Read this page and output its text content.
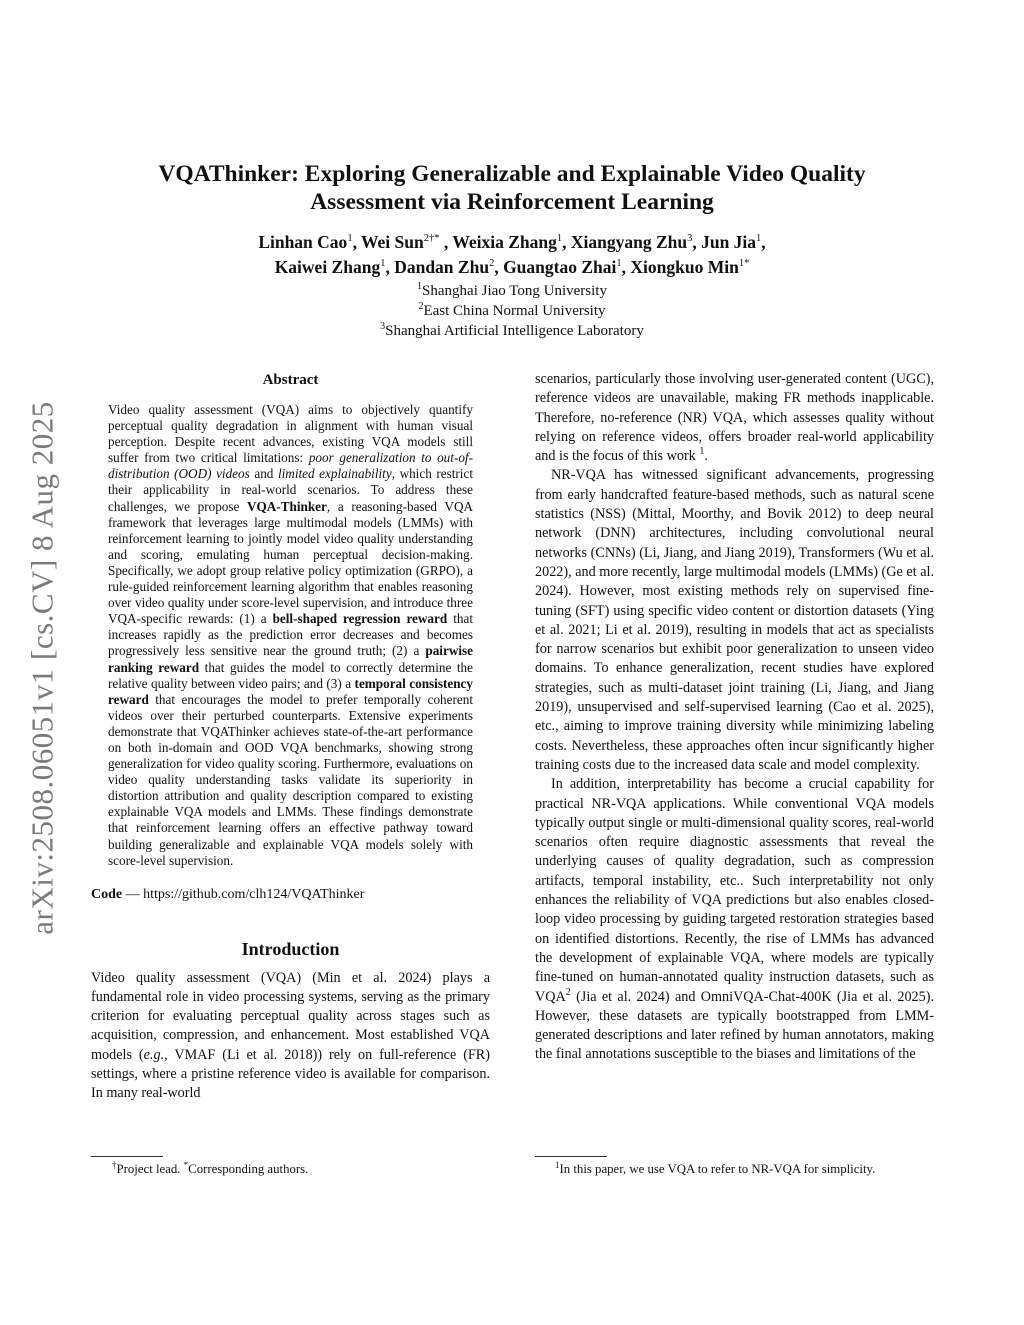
arXiv:2508.06051v1 [cs.CV] 8 Aug 2025
VQAThinker: Exploring Generalizable and Explainable Video Quality
Assessment via Reinforcement Learning
Linhan Cao$^1$, Wei Sun$^{2\dagger*}$ , Weixia Zhang$^1$, Xiangyang Zhu$^3$, Jun Jia$^1$,
Kaiwei Zhang$^1$, Dandan Zhu$^2$, Guangtao Zhai$^1$, Xiongkuo Min$^{1*}$
$^1$Shanghai Jiao Tong University
$^2$East China Normal University
$^3$Shanghai Artificial Intelligence Laboratory
Abstract

Video quality assessment (VQA) aims to objectively quantify perceptual quality degradation in alignment with human visual perception. Despite recent advances, existing VQA models still suffer from two critical limitations: poor generalization to out-of-distribution (OOD) videos and limited explainability, which restrict their applicability in real-world scenarios. To address these challenges, we propose VQA-Thinker, a reasoning-based VQA framework that leverages large multimodal models (LMMs) with reinforcement learning to jointly model video quality understanding and scoring, emulating human perceptual decision-making. Specifically, we adopt group relative policy optimization (GRPO), a rule-guided reinforcement learning algorithm that enables reasoning over video quality under score-level supervision, and introduce three VQA-specific rewards: (1) a bell-shaped regression reward that increases rapidly as the prediction error decreases and becomes progressively less sensitive near the ground truth; (2) a pairwise ranking reward that guides the model to correctly determine the relative quality between video pairs; and (3) a temporal consistency reward that encourages the model to prefer temporally coherent videos over their perturbed counterparts. Extensive experiments demonstrate that VQAThinker achieves state-of-the-art performance on both in-domain and OOD VQA benchmarks, showing strong generalization for video quality scoring. Furthermore, evaluations on video quality understanding tasks validate its superiority in distortion attribution and quality description compared to existing explainable VQA models and LMMs. These findings demonstrate that reinforcement learning offers an effective pathway toward building generalizable and explainable VQA models solely with score-level supervision.

Code — https://github.com/clh124/VQAThinker
Introduction

Video quality assessment (VQA) (Min et al. 2024) plays a fundamental role in video processing systems, serving as the primary criterion for evaluating perceptual quality across stages such as acquisition, compression, and enhancement. Most established VQA models (e.g., VMAF (Li et al. 2018)) rely on full-reference (FR) settings, where a pristine reference video is available for comparison. In many real-world

scenarios, particularly those involving user-generated content (UGC), reference videos are unavailable, making FR methods inapplicable. Therefore, no-reference (NR) VQA, which assesses quality without relying on reference videos, offers broader real-world applicability and is the focus of this work $^1$.

NR-VQA has witnessed significant advancements, progressing from early handcrafted feature-based methods, such as natural scene statistics (NSS) (Mittal, Moorthy, and Bovik 2012) to deep neural network (DNN) architectures, including convolutional neural networks (CNNs) (Li, Jiang, and Jiang 2019), Transformers (Wu et al. 2022), and more recently, large multimodal models (LMMs) (Ge et al. 2024). However, most existing methods rely on supervised fine-tuning (SFT) using specific video content or distortion datasets (Ying et al. 2021; Li et al. 2019), resulting in models that act as specialists for narrow scenarios but exhibit poor generalization to unseen video domains. To enhance generalization, recent studies have explored strategies, such as multi-dataset joint training (Li, Jiang, and Jiang 2019), unsupervised and self-supervised learning (Cao et al. 2025), etc., aiming to improve training diversity while minimizing labeling costs. Nevertheless, these approaches often incur significantly higher training costs due to the increased data scale and model complexity.

In addition, interpretability has become a crucial capability for practical NR-VQA applications. While conventional VQA models typically output single or multi-dimensional quality scores, real-world scenarios often require diagnostic assessments that reveal the underlying causes of quality degradation, such as compression artifacts, temporal instability, etc.. Such interpretability not only enhances the reliability of VQA predictions but also enables closed-loop video processing by guiding targeted restoration strategies based on identified distortions. Recently, the rise of LMMs has advanced the development of explainable VQA, where models are typically fine-tuned on human-annotated quality instruction datasets, such as VQA$^2$ (Jia et al. 2024) and OmniVQA-Chat-400K (Jia et al. 2025). However, these datasets are typically bootstrapped from LMM-generated descriptions and later refined by human annotators, making the final annotations susceptible to the biases and limitations of the

†Project lead. *Corresponding authors.	$^1$In this paper, we use VQA to refer to NR-VQA for simplicity.
